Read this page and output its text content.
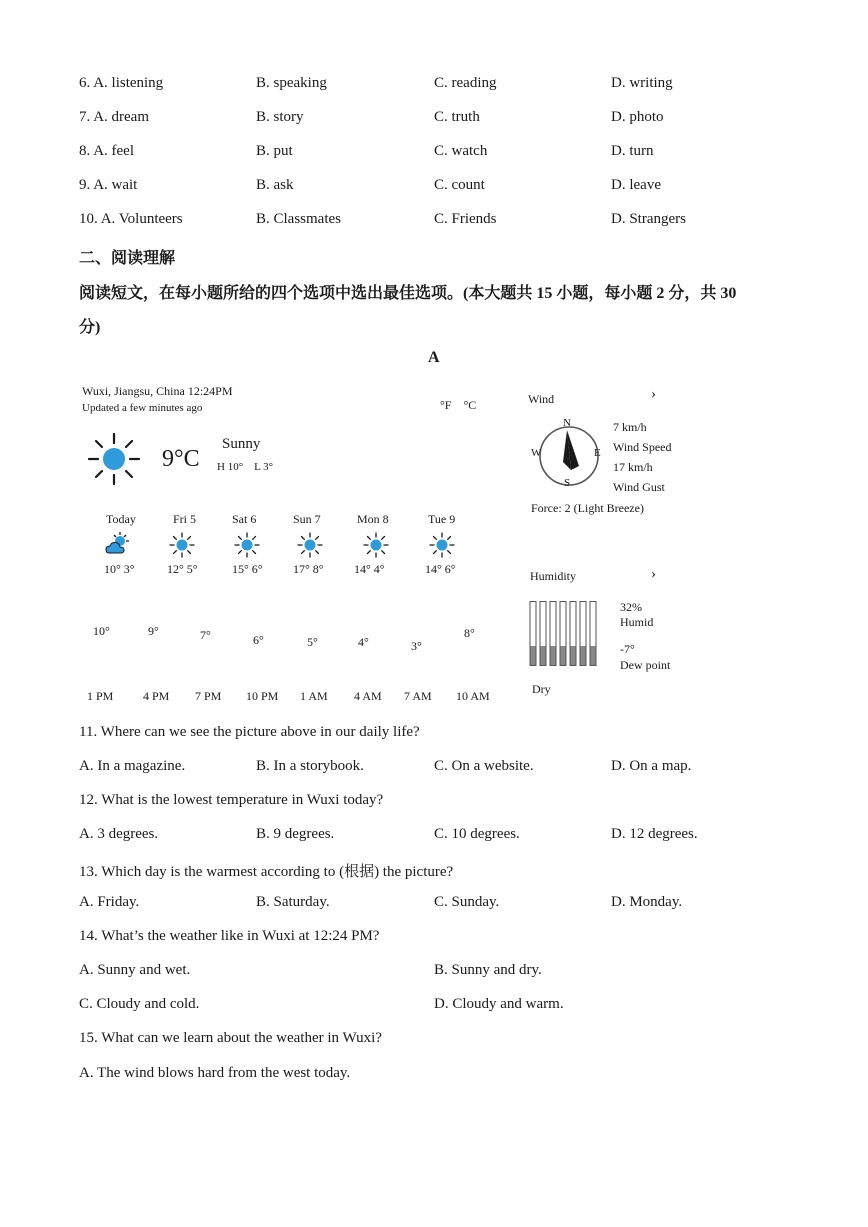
6. A. listening	B. speaking	C. reading	D. writing
7. A. dream	B. story	C. truth	D. photo
8. A. feel	B. put	C. watch	D. turn
9. A. wait	B. ask	C. count	D. leave
10. A. Volunteers	B. Classmates	C. Friends	D. Strangers
二、阅读理解
阅读短文，在每小题所给的四个选项中选出最佳选项。(本大题共 15 小题，每小题 2 分，共 30
分)
A
Wuxi, Jiangsu, China 12:24PM
Updated a few minutes ago	°F    °C
9°C
Sunny
H 10°    L 3°
Today
10° 3°
Fri 5
12° 5°
Sat 6
15° 6°
Sun 7
17° 8°
Mon 8
14° 4°
Tue 9
14° 6°
10°	9°	7°	6°	5°	4°	3°
8°
1 PM 4 PM 7 PM 10 PM 1 AM 4 AM 7 AM 10 AM
Wind	›
N
W	E
S
7 km/h
Wind Speed
17 km/h
Wind Gust
Force: 2 (Light Breeze)
Humidity	›
32%
Humid
-7°
Dew point
Dry
11. Where can we see the picture above in our daily life?
A. In a magazine.	B. In a storybook.	C. On a website.	D. On a map.
12. What is the lowest temperature in Wuxi today?
A. 3 degrees.	B. 9 degrees.	C. 10 degrees.	D. 12 degrees.
13. Which day is the warmest according to (根据) the picture?
A. Friday.	B. Saturday.	C. Sunday.	D. Monday.
14. What’s the weather like in Wuxi at 12:24 PM?
A. Sunny and wet.	B. Sunny and dry.
C. Cloudy and cold.	D. Cloudy and warm.
15. What can we learn about the weather in Wuxi?
A. The wind blows hard from the west today.
